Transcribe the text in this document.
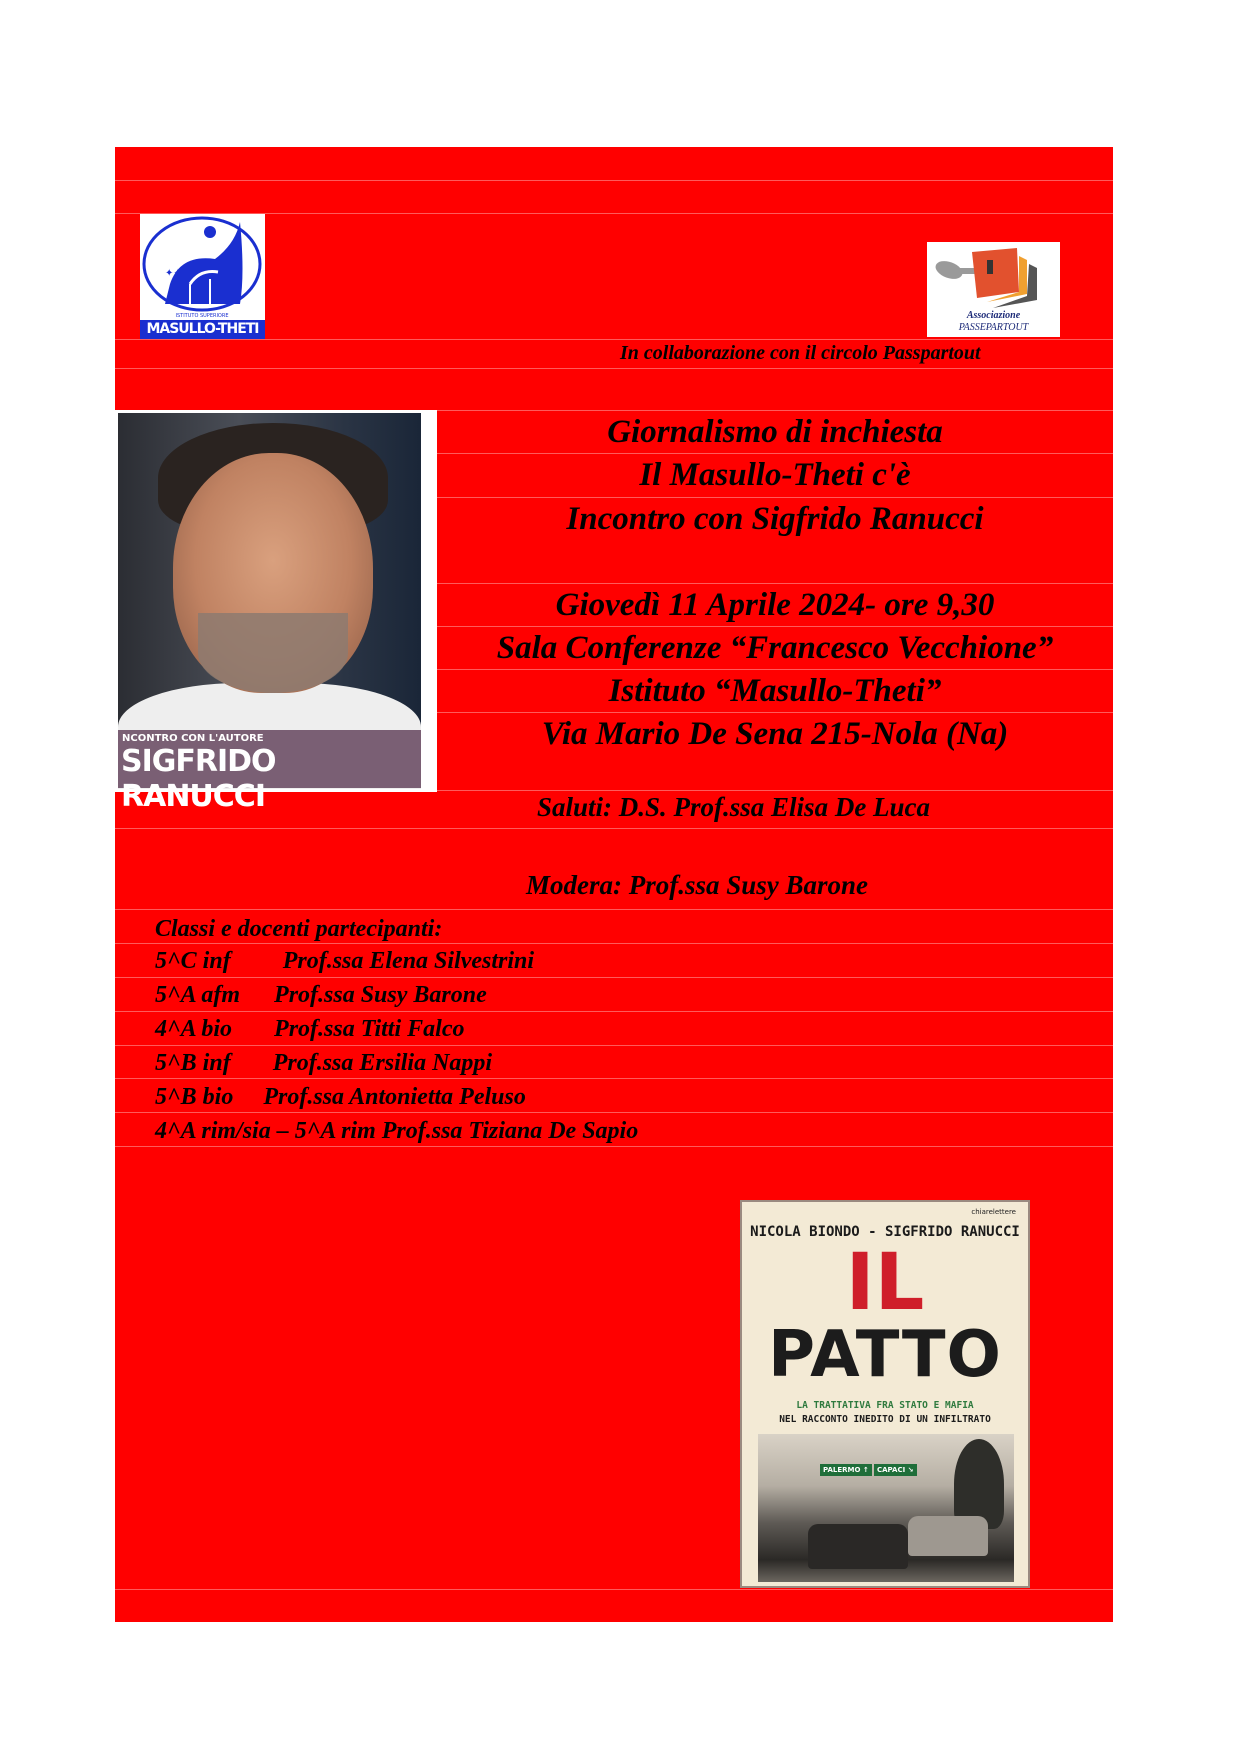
✦✦
ISTITUTO SUPERIORE
MASULLO-THETI
Associazione
PASSEPARTOUT
In collaborazione con il circolo Passpartout
NCONTRO CON L'AUTORE
SIGFRIDO RANUCCI
Giornalismo di inchiesta
Il Masullo-Theti c'è
Incontro con Sigfrido Ranucci
Giovedì 11 Aprile 2024- ore 9,30
Sala Conferenze “Francesco Vecchione”
Istituto “Masullo-Theti”
Via Mario De Sena 215-Nola (Na)
Saluti: D.S. Prof.ssa Elisa De Luca
Modera: Prof.ssa Susy Barone
Classi e docenti partecipanti:
5^C inf Prof.ssa Elena Silvestrini
5^A afm Prof.ssa Susy Barone
4^A bio Prof.ssa Titti Falco
5^B inf Prof.ssa Ersilia Nappi
5^B bio Prof.ssa Antonietta Peluso
4^A rim/sia – 5^A rim Prof.ssa Tiziana De Sapio
chiarelettere
NICOLA BIONDO - SIGFRIDO RANUCCI
IL
PATTO
LA TRATTATIVA FRA STATO E MAFIA
NEL RACCONTO INEDITO DI UN INFILTRATO
PALERMO ↑	CAPACI ↘
